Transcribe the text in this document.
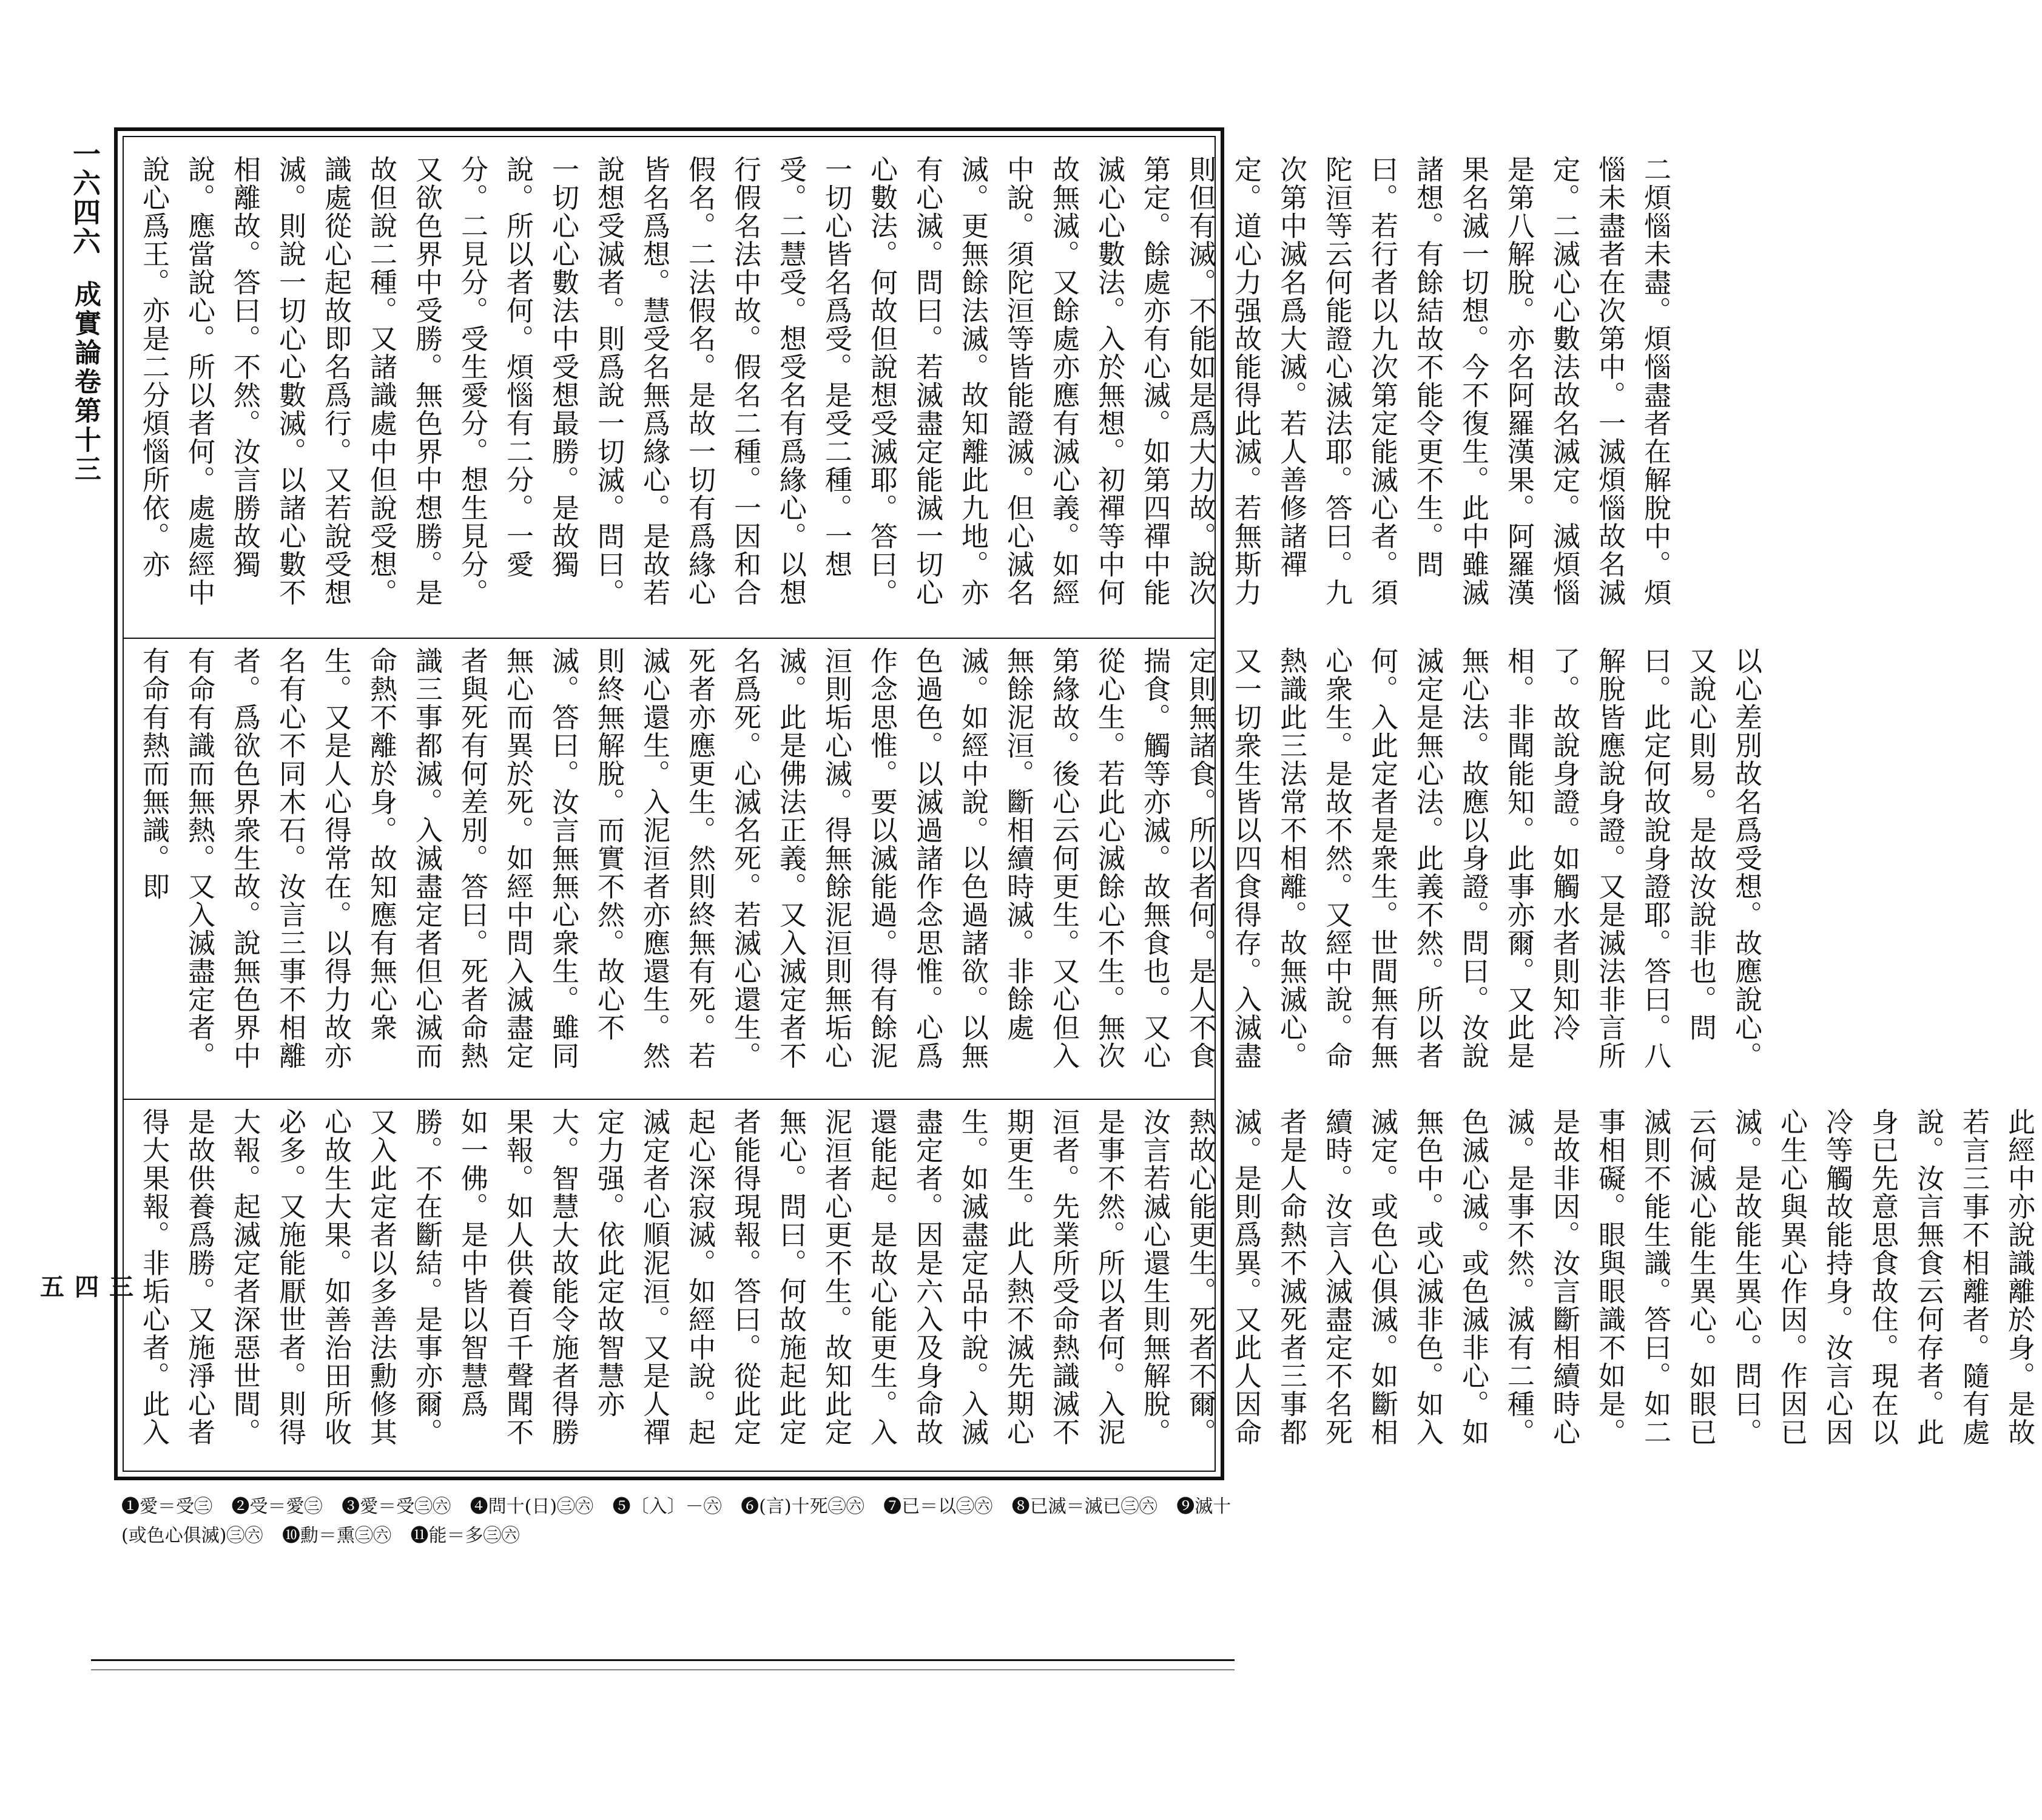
一六四六
成實論卷第十三
三四五

二煩惱未盡。煩惱盡者在解脫中。煩惱未盡者在次第中。一滅煩惱故名滅定。二滅心心數法故名滅定。滅煩惱是第八解脫。亦名阿羅漢果。阿羅漢果名滅一切想。今不復生。此中雖滅諸想。有餘結故不能令更不生。問曰。若行者以九次第定能滅心者。須陀洹等云何能證心滅法耶。答曰。九次第中滅名爲大滅。若人善修諸禪定。道心力强故能得此滅。若無斯力則但有滅。不能如是爲大力故。說次第定。餘處亦有心滅。如第四禪中能滅心心數法。入於無想。初禪等中何故無滅。又餘處亦應有滅心義。如經中說。須陀洹等皆能證滅。但心滅名滅。更無餘法滅。故知離此九地。亦有心滅。問曰。若滅盡定能滅一切心心數法。何故但說想受滅耶。答曰。一切心皆名爲受。是受二種。一想受。二慧受。想受名有爲緣心。以想行假名法中故。假名二種。一因和合假名。二法假名。是故一切有爲緣心皆名爲想。慧受名無爲緣心。是故若說想受滅者。則爲說一切滅。問曰。一切心心數法中受想最勝。是故獨說。所以者何。煩惱有二分。一愛分。二見分。受生愛分。想生見分。又欲色界中受勝。無色界中想勝。是故但說二種。又諸識處中但說受想。識處從心起故即名爲行。又若說受想滅。則說一切心心數滅。以諸心數不相離故。答曰。不然。汝言勝故獨說。應當說心。所以者何。處處經中說心爲王。亦是二分煩惱所依。亦

以心差別故名爲受想。故應說心。又說心則易。是故汝說非也。問曰。此定何故說身證耶。答曰。八解脫皆應說身證。又是滅法非言所了。故說身證。如觸水者則知冷相。非聞能知。此事亦爾。又此是無心法。故應以身證。問曰。汝說滅定是無心法。此義不然。所以者何。入此定者是衆生。世間無有無心衆生。是故不然。又經中說。命熱識此三法常不相離。故無滅心。又一切衆生皆以四食得存。入滅盡定則無諸食。所以者何。是人不食揣食。觸等亦滅。故無食也。又心從心生。若此心滅餘心不生。無次第緣故。後心云何更生。又心但入無餘泥洹。斷相續時滅。非餘處滅。如經中說。以色過諸欲。以無色過色。以滅過諸作念思惟。心爲作念思惟。要以滅能過。得有餘泥洹則垢心滅。得無餘泥洹則無垢心滅。此是佛法正義。又入滅定者不名爲死。心滅名死。若滅心還生。死者亦應更生。然則終無有死。若滅心還生。入泥洹者亦應還生。然則終無解脫。而實不然。故心不滅。答曰。汝言無無心衆生。雖同無心而異於死。如經中問入滅盡定者與死有何差別。答曰。死者命熱識三事都滅。入滅盡定者但心滅而命熱不離於身。故知應有無心衆生。又是人心得常在。以得力故亦名有心不同木石。汝言三事不相離者。爲欲色界衆生故。說無色界中有命有識而無熱。又入滅盡定者。有命有熱而無識。即

此經中亦說識離於身。是故若言三事不相離者。隨有處說。汝言無食云何存者。此身已先意思食故住。現在以冷等觸故能持身。汝言心因心生心與異心作因。作因已滅。是故能生異心。問曰。云何滅心能生異心。如眼已滅則不能生識。答曰。如二事相礙。眼與眼識不如是。是故非因。汝言斷相續時心滅。是事不然。滅有二種。色滅心滅。或色滅非心。如無色中。或心滅非色。如入滅定。或色心俱滅。如斷相續時。汝言入滅盡定不名死者是人命熱不滅死者三事都滅。是則爲異。又此人因命熱故心能更生。死者不爾。汝言若滅心還生則無解脫。是事不然。所以者何。入泥洹者。先業所受命熱識滅不期更生。此人熱不滅先期心生。如滅盡定品中說。入滅盡定者。因是六入及身命故還能起。是故心能更生。入泥洹者心更不生。故知此定無心。問曰。何故施起此定者能得現報。答曰。從此定起心深寂滅。如經中說。起滅定者心順泥洹。又是人禪定力强。依此定故智慧亦大。智慧大故能令施者得勝果報。如人供養百千聲聞不如一佛。是中皆以智慧爲勝。不在斷結。是事亦爾。又入此定者以多善法勳修其心故生大果。如善治田所收必多。又施能厭世者。則得大報。起滅定者深惡世間。是故供養爲勝。又施淨心者得大果報。非垢心者。此入

❶愛＝受㊂ ❷受＝愛㊂ ❸愛＝受㊂㊅ ❹問十(日)㊂㊅ ❺〔入〕－㊅ ❻(言)十死㊂㊅ ❼已＝以㊂㊅ ❽已滅＝滅已㊂㊅ ❾滅十(或色心俱滅)㊂㊅ ❿勳＝熏㊂㊅ ⓫能＝多㊂㊅
